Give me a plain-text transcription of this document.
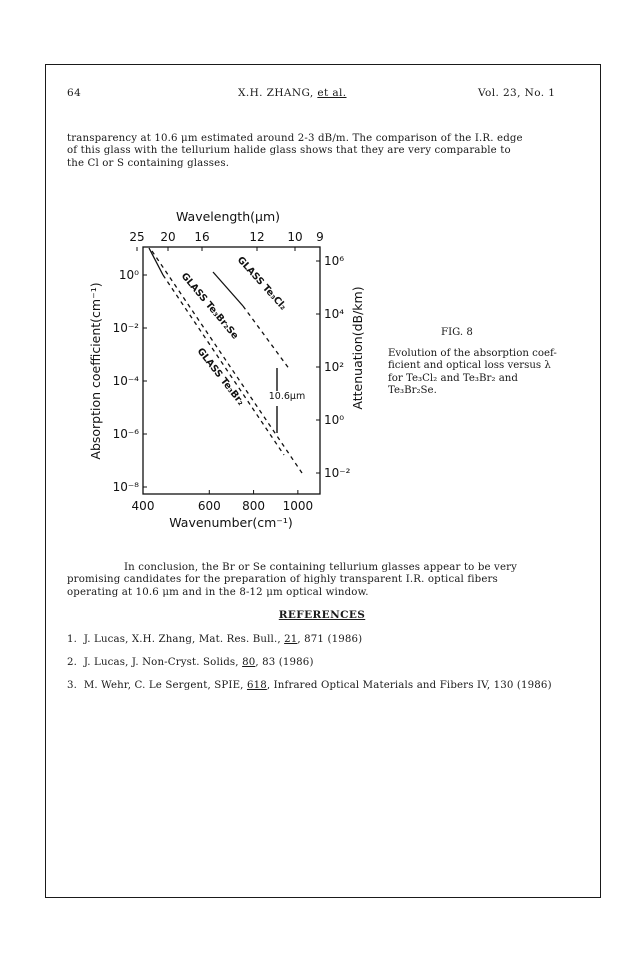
64	X.H. ZHANG, et al.	Vol. 23, No. 1
transparency at 10.6 μm estimated around 2-3 dB/m. The comparison of the I.R. edge
of this glass with the tellurium halide glass shows that they are very comparable to
the Cl or S containing glasses.
Wavelength(μm)
25 20 16	12 10 9
10⁰
10⁻²
10⁻⁴
10⁻⁶
10⁻⁸
10⁶
10⁴
10²
10⁰
10⁻²
400	600 800 1000
GLASS Te₃Cl₂
GLASS Te₃Br₂Se
GLASS Te₃Br₂ 10.6μm
Wavenumber(cm⁻¹)
Absorption coefficient(cm⁻¹)	Attenuation(dB/km)	FIG. 8
Evolution of the absorption coef-
ficient and optical loss versus λ
for Te₃Cl₂ and Te₃Br₂ and
Te₃Br₂Se.
In conclusion, the Br or Se containing tellurium glasses appear to be very
promising candidates for the preparation of highly transparent I.R. optical fibers
operating at 10.6 μm and in the 8-12 μm optical window.
REFERENCES
1. J. Lucas, X.H. Zhang, Mat. Res. Bull., 21, 871 (1986)
2. J. Lucas, J. Non-Cryst. Solids, 80, 83 (1986)
3. M. Wehr, C. Le Sergent, SPIE, 618, Infrared Optical Materials and Fibers IV, 130 (1986)
